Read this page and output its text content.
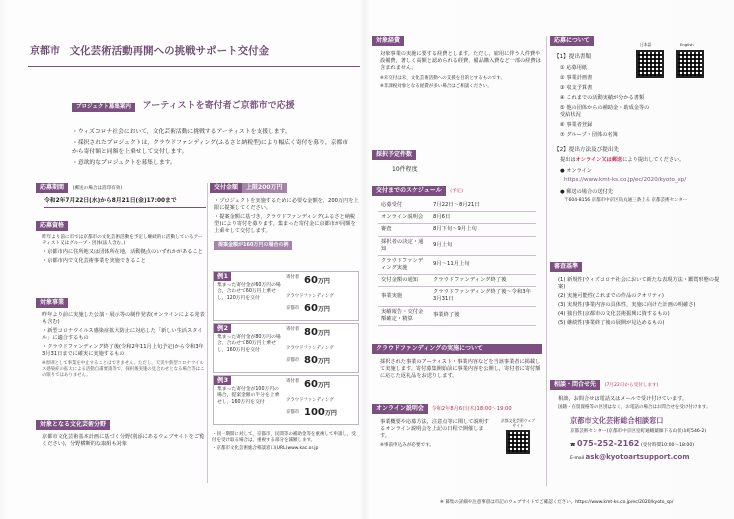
京都市 文化芸術活動再開への挑戦サポート交付金
プロジェクト募集案内 アーティストを寄付者ご京都市で応援
・ ウィズコロナ社会において，文化芸術活動に挑戦するアーティストを支援します。
・ 採択されたプロジェクトは，クラウドファンディング(ふるさと納税型)により幅広く寄付を募り，京都市から寄付額と同額を上乗せして交付します。
・ 意欲的なプロジェクトを募集します。
応募期間 (郵送の場合は消印有効)
令和2年7月22日(水)から8月21日(金)17:00まで
応募資格
昨年より前に市では京都市の文化芸術活動を予定し継続的に活動しているアーティスト又はグループ・団体(法人含む。)
・ 京都市内に住所地又は団体所在地，活動拠点のいずれかがあること
・ 京都市内で文化芸術事業を実施できること
対象事業
昨年より前に実施した公演・展示等の制作発表(オンラインによる発表も含む)
・ 新型コロナウイルス感染症拡大防止に対応した「新しい生活スタイル」に適合するもの
・ クラウドファンディング終了後(令和2年11月上旬予定)から令和3年3月31日までに確実に実施するもの
※原則として事業を中止することはできません。ただし，天災や新型コロナウイルス感染症の拡大による活動自粛要請等で，採択後実施の見合わせとなる場合等はこの限りではありません。
対象となる文化芸術分野
京都市文化芸術基本計画に基づく分野(別添にあるウェブサイトをご覧ください)，分野横断的な取組も対象
交付金額 上限200万円
・ プロジェクトを実施するために必要な金額を，200万円を上限に提案してください。
・ 提案金額に基づき，クラウドファンディング(ふるさと納税型)により寄付を募ります。集まった寄付金に京都市が同額を上乗せして交付します。
提案金額が160万円の場合の例
例1
集まった寄付金が60万円の場合，合わせて60万円上乗せし，120万円を交付
寄付者 60万円
クラウドファンディング
京都市 60万円
例2
集まった寄付金が80万円の場合，合わせて80万円上乗せし，160万円を交付
寄付者 80万円
クラウドファンディング
京都市 80万円
例3
集まった寄付金が100万円の場合，提案金額の半分を上乗せし，160万円を交付
寄付者 60万円
クラウドファンディング
京都市 100万円
・ 同一期間に対して，京都市，民間等の補助金等を重複して申請し，受付を受け取る場合は，重複する部分を減額します。
・ 京都市文化芸術総合相談窓口(URL)www.kac.or.jp
対象経費
対象事業の実施に要する経費とします。ただし，雇用に伴う人件費や設備費，著しく高額と認められる経費，備品購入費など一部の経費は含まれません。
※未交付は未，文化芸術活動への支援を目的とするものです。
※非課税対象となる経費が多い場合はご相談ください。
採択予定件数
10件程度
交付までのスケジュール (予定)
応募受付	7月22日～8月21日
オンライン説明会	8月6日
審査	8月下旬～9月上旬
採択者の決定・通知	9月上旬
クラウドファンディング実施	9月～11月上旬
交付金額の通知	クラウドファンディング終了後
事業実施	クラウドファンディング終了後～令和3年3月31日
実績報告・交付金額確定・精算	事業終了後
クラウドファンディングの実施について
採択された事業のアーティスト・事業内容などを当該事業者に掲載して実施します。寄付募集開始前に事業内容を公開し，寄付者に寄付額に応じた返礼品をお送りします。
オンライン説明会 令和2年8月6日(木)18:00～19:00
事業概要や応募方法，注意点等に関して説明するオンライン説明会を上記の日程で開催します。
※事前申込みが必要です。
京都文化芸術ウェブサイト
応募について
【1】提出書類
① 応募用紙
② 事業計画書
③ 収支予算書
④ これまでの活動実績が分かる書類
⑤ 他の団体からの補助金・助成金等の受給状況
⑥ 事業者登録
⑦ グループ・団体の名簿
日本語	English
【2】提出方法及び提出先
提出はオンライン又は郵送により提出してください。
● オンライン
https://www.kmt-ks.co.jp/ec/2020/kyoto_sp/
● 郵送の場合の送付先
〒604-8156 京都市中京区烏丸通三条上る 京都芸術センター
審査基準
(1) 新規性(ウィズコロナ社会において新たな表現方法・鑑賞形態の提案)
(2) 実施可能性(これまでの作品のクオリティ)
(3) 実現性(事業内容の具体性，実施に向けた計画の明確さ)
(4) 独自性(京都市の文化芸術振興に資するもの)
(5) 継続性(事業終了後の展開が見込めるもの)
相談・問合せ先 (7月22日から受付します)
相談，お問合せは電話又はメールで受け付けています。
国籍・在留資格等の区別はなく，お電話の場合はお問合せを受け付けます。
京都市文化芸術総合相談窓口
京都芸術センター(京都市中京区室町通蛸薬師下る山伏山町546-2)
☎ 075-252-2162 (受付時間10:00～18:00)
E-mail ask@kyotoartsupport.com
※ 募集の詳細や注意事項は市記のウェブサイトでご確認ください。https://www.kmt-ks.co.jp/ec/2020/kyoto_sp/
